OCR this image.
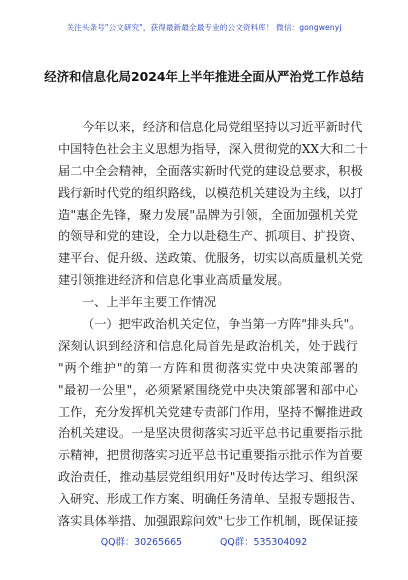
关注头条号"公文研究"，获得最新最全最专业的公文资料库！ 微信：gongwenyj
经济和信息化局2024年上半年推进全面从严治党工作总结
今年以来，经济和信息化局党组坚持以习近平新时代
中国特色社会主义思想为指导，深入贯彻党的XX大和二十
届二中全会精神，全面落实新时代党的建设总要求，积极
践行新时代党的组织路线，以模范机关建设为主线，以打
造"惠企先锋，聚力发展"品牌为引领，全面加强机关党
的领导和党的建设，全力以赴稳生产、抓项目、扩投资、
建平台、促升级、送政策、优服务，切实以高质量机关党
建引领推进经济和信息化事业高质量发展。
一、上半年主要工作情况
（一）把牢政治机关定位，争当第一方阵"排头兵"。
深刻认识到经济和信息化局首先是政治机关，处于践行
"两个维护"的第一方阵和贯彻落实党中央决策部署的
"最初一公里"，必须紧紧围绕党中央决策部署和部中心
工作，充分发挥机关党建专责部门作用，坚持不懈推进政
治机关建设。一是坚决贯彻落实习近平总书记重要指示批
示精神，把贯彻落实习近平总书记重要指示批示作为首要
政治责任，推动基层党组织用好"及时传达学习、组织深
入研究、形成工作方案、明确任务清单、呈报专题报告、
落实具体举措、加强跟踪问效"七步工作机制，既保证接
QQ群：30265665	QQ群：535304092
